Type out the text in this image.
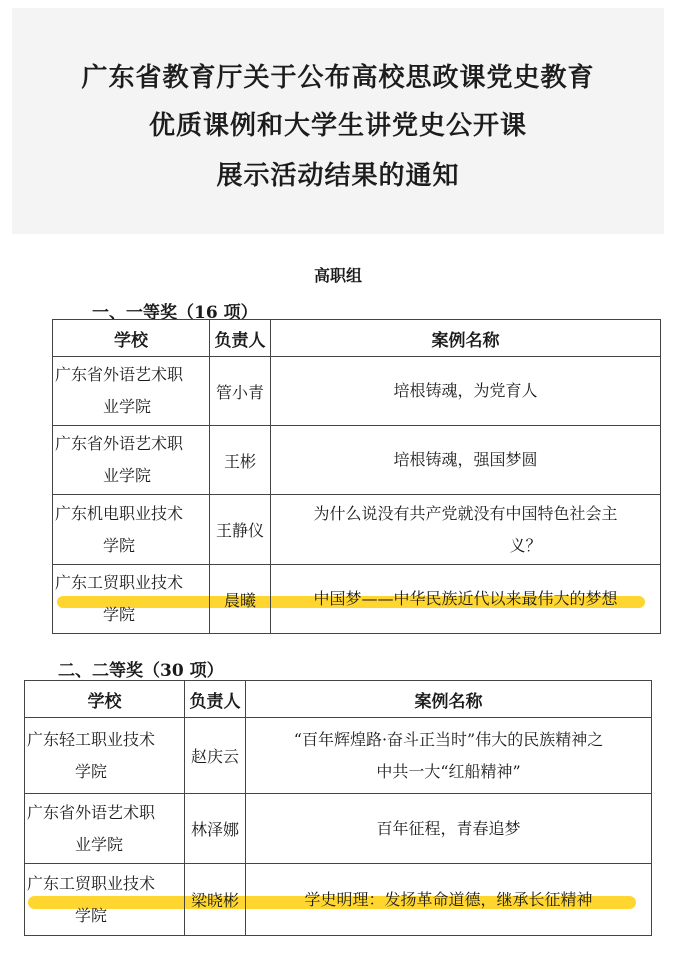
广东省教育厅关于公布高校思政课党史教育
优质课例和大学生讲党史公开课
展示活动结果的通知
高职组
一、一等奖（16 项）
学校	负责人	案例名称
广东省外语艺术职
业学院	管小青	培根铸魂，为党育人
广东省外语艺术职
业学院	王彬	培根铸魂，强国梦圆
广东机电职业技术
学院	王静仪	为什么说没有共产党就没有中国特色社会主
义？
广东工贸职业技术
学院	晨曦	中国梦——中华民族近代以来最伟大的梦想
二、二等奖（30 项）
学校	负责人	案例名称
广东轻工职业技术
学院	赵庆云	“百年辉煌路·奋斗正当时”伟大的民族精神之
中共一大“红船精神”
广东省外语艺术职
业学院	林泽娜	百年征程，青春追梦
广东工贸职业技术
学院	梁晓彬	学史明理：发扬革命道德，继承长征精神
